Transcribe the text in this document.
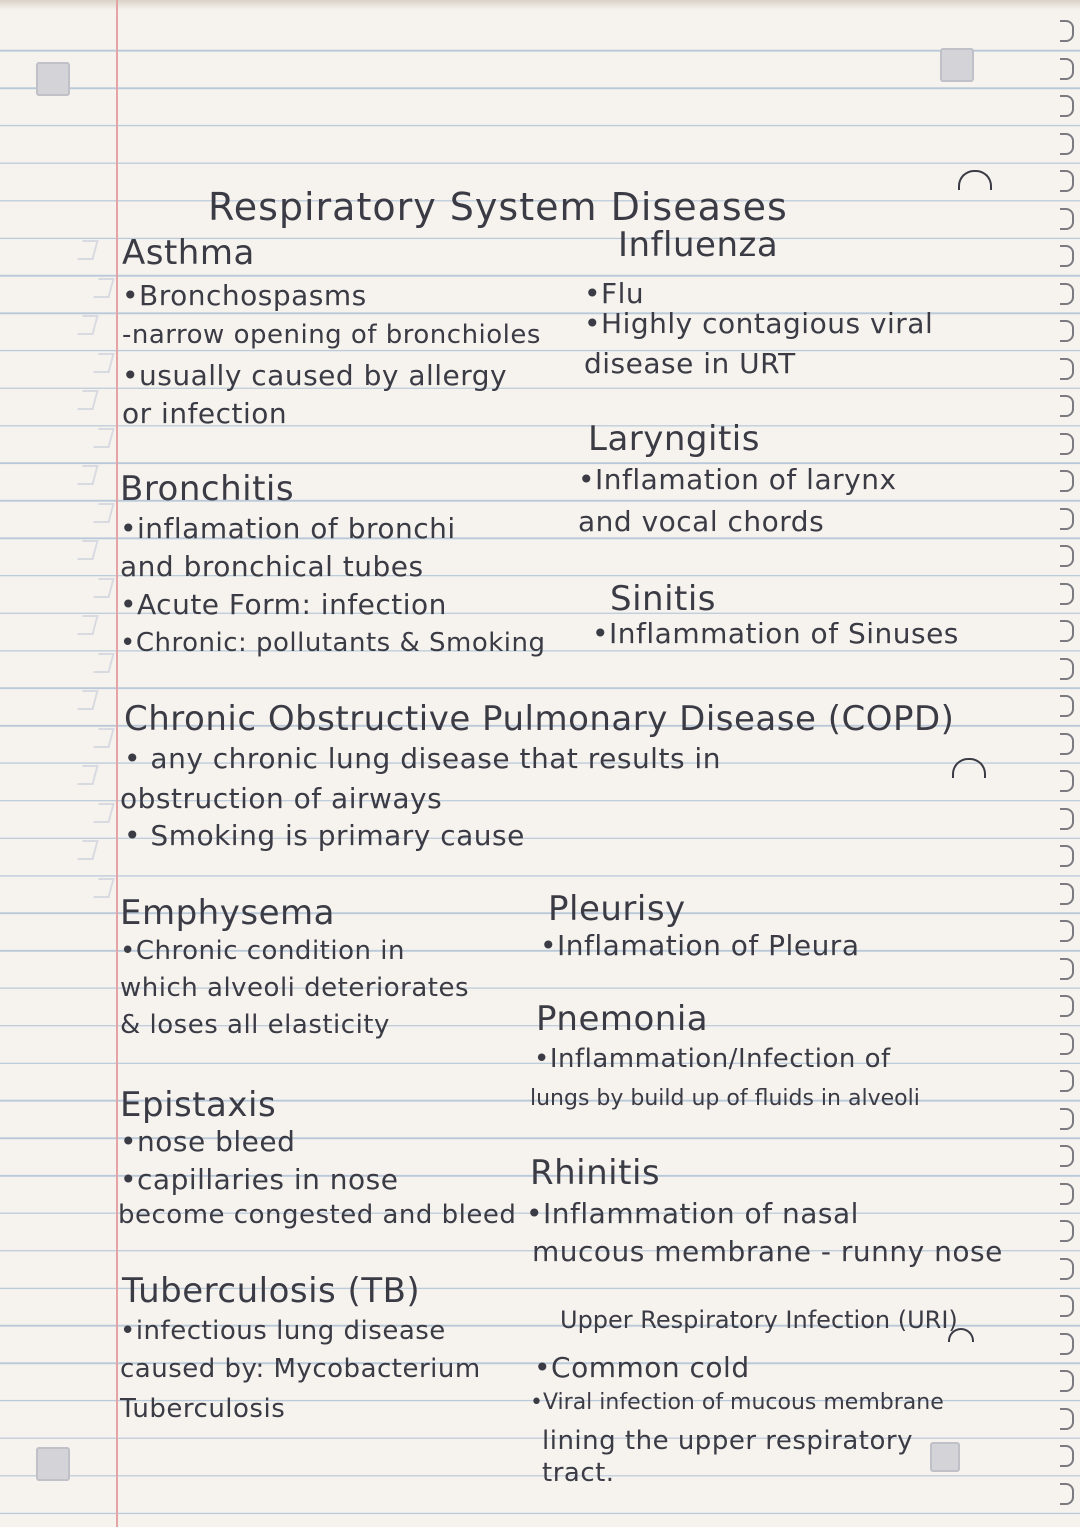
Respiratory System Diseases

Asthma

•Bronchospasms

-narrow opening of bronchioles

•usually caused by allergy

or infection

Bronchitis

•inflamation of bronchi

and bronchical tubes

•Acute Form: infection

•Chronic: pollutants & Smoking

Chronic Obstructive Pulmonary Disease (COPD)

• any chronic lung disease that results in

obstruction of airways

• Smoking is primary cause

Emphysema

•Chronic condition in

which alveoli deteriorates

& loses all elasticity

Epistaxis

•nose bleed

•capillaries in nose

become congested and bleed

Tuberculosis (TB)

•infectious lung disease

caused by: Mycobacterium

Tuberculosis

Influenza

•Flu

•Highly contagious viral

disease in URT

Laryngitis

•Inflamation of larynx

and vocal chords

Sinitis

•Inflammation of Sinuses

Pleurisy

•Inflamation of Pleura

Pnemonia

•Inflammation/Infection of

lungs by build up of fluids in alveoli

Rhinitis

•Inflammation of nasal

mucous membrane - runny nose

Upper Respiratory Infection (URI)

•Common cold

•Viral infection of mucous membrane

lining the upper respiratory

tract.
